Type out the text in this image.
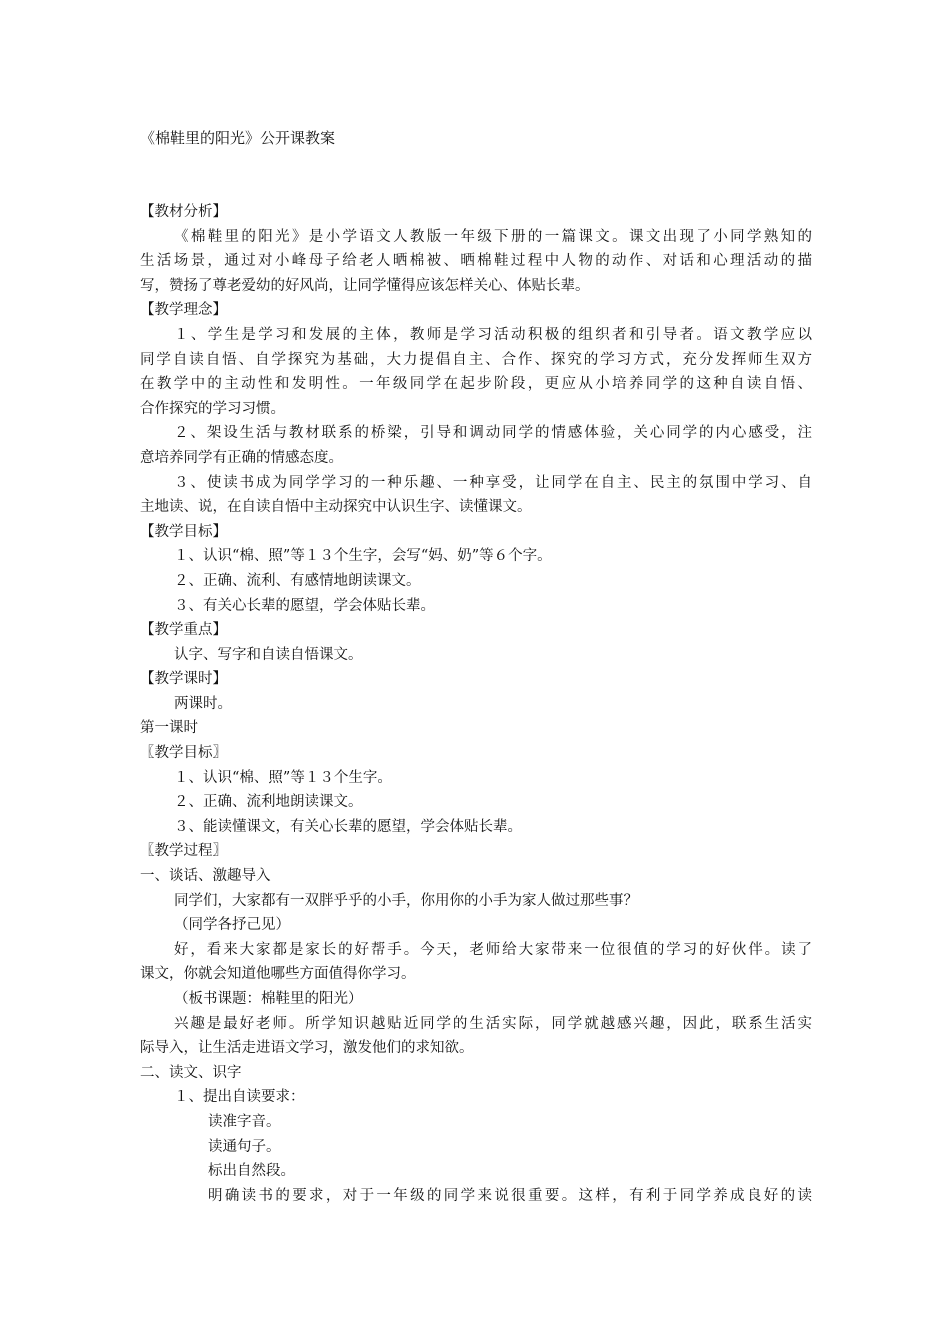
《棉鞋里的阳光》公开课教案
【教材分析】
《棉鞋里的阳光》是小学语文人教版一年级下册的一篇课文。课文出现了小同学熟知的
生活场景，通过对小峰母子给老人晒棉被、晒棉鞋过程中人物的动作、对话和心理活动的描
写，赞扬了尊老爱幼的好风尚，让同学懂得应该怎样关心、体贴长辈。
【教学理念】
１、学生是学习和发展的主体，教师是学习活动积极的组织者和引导者。语文教学应以
同学自读自悟、自学探究为基础，大力提倡自主、合作、探究的学习方式，充分发挥师生双方
在教学中的主动性和发明性。一年级同学在起步阶段，更应从小培养同学的这种自读自悟、
合作探究的学习习惯。
２、架设生活与教材联系的桥梁，引导和调动同学的情感体验，关心同学的内心感受，注
意培养同学有正确的情感态度。
３、使读书成为同学学习的一种乐趣、一种享受，让同学在自主、民主的氛围中学习、自
主地读、说，在自读自悟中主动探究中认识生字、读懂课文。
【教学目标】
１、认识“棉、照”等１３个生字，会写“妈、奶”等６个字。
２、正确、流利、有感情地朗读课文。
３、有关心长辈的愿望，学会体贴长辈。
【教学重点】
认字、写字和自读自悟课文。
【教学课时】
两课时。
第一课时
〖教学目标〗
１、认识“棉、照”等１３个生字。
２、正确、流利地朗读课文。
３、能读懂课文，有关心长辈的愿望，学会体贴长辈。
〖教学过程〗
一、谈话、激趣导入
同学们，大家都有一双胖乎乎的小手，你用你的小手为家人做过那些事？
（同学各抒己见）
好，看来大家都是家长的好帮手。今天，老师给大家带来一位很值的学习的好伙伴。读了
课文，你就会知道他哪些方面值得你学习。
（板书课题：棉鞋里的阳光）
兴趣是最好老师。所学知识越贴近同学的生活实际，同学就越感兴趣，因此，联系生活实
际导入，让生活走进语文学习，激发他们的求知欲。
二、读文、识字
１、提出自读要求：
读准字音。
读通句子。
标出自然段。
明确读书的要求，对于一年级的同学来说很重要。这样，有利于同学养成良好的读
